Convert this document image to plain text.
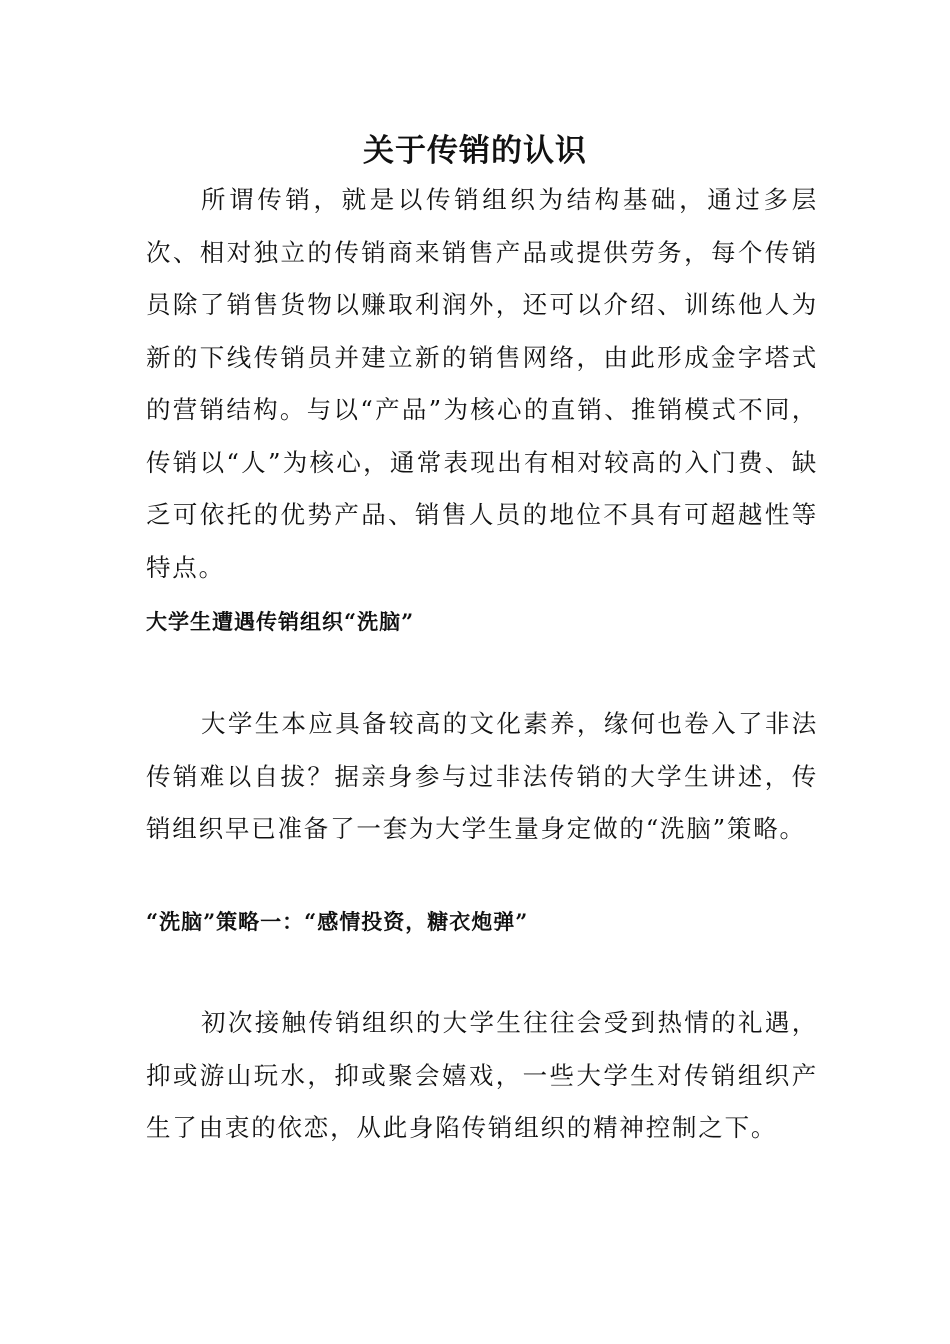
关于传销的认识

所谓传销，就是以传销组织为结构基础，通过多层次、相对独立的传销商来销售产品或提供劳务，每个传销员除了销售货物以赚取利润外，还可以介绍、训练他人为新的下线传销员并建立新的销售网络，由此形成金字塔式的营销结构。与以“产品”为核心的直销、推销模式不同，传销以“人”为核心，通常表现出有相对较高的入门费、缺乏可依托的优势产品、销售人员的地位不具有可超越性等特点。

大学生遭遇传销组织“洗脑”

大学生本应具备较高的文化素养，缘何也卷入了非法传销难以自拔？据亲身参与过非法传销的大学生讲述，传销组织早已准备了一套为大学生量身定做的“洗脑”策略。

“洗脑”策略一：“感情投资，糖衣炮弹”

初次接触传销组织的大学生往往会受到热情的礼遇，抑或游山玩水，抑或聚会嬉戏，一些大学生对传销组织产生了由衷的依恋，从此身陷传销组织的精神控制之下。
